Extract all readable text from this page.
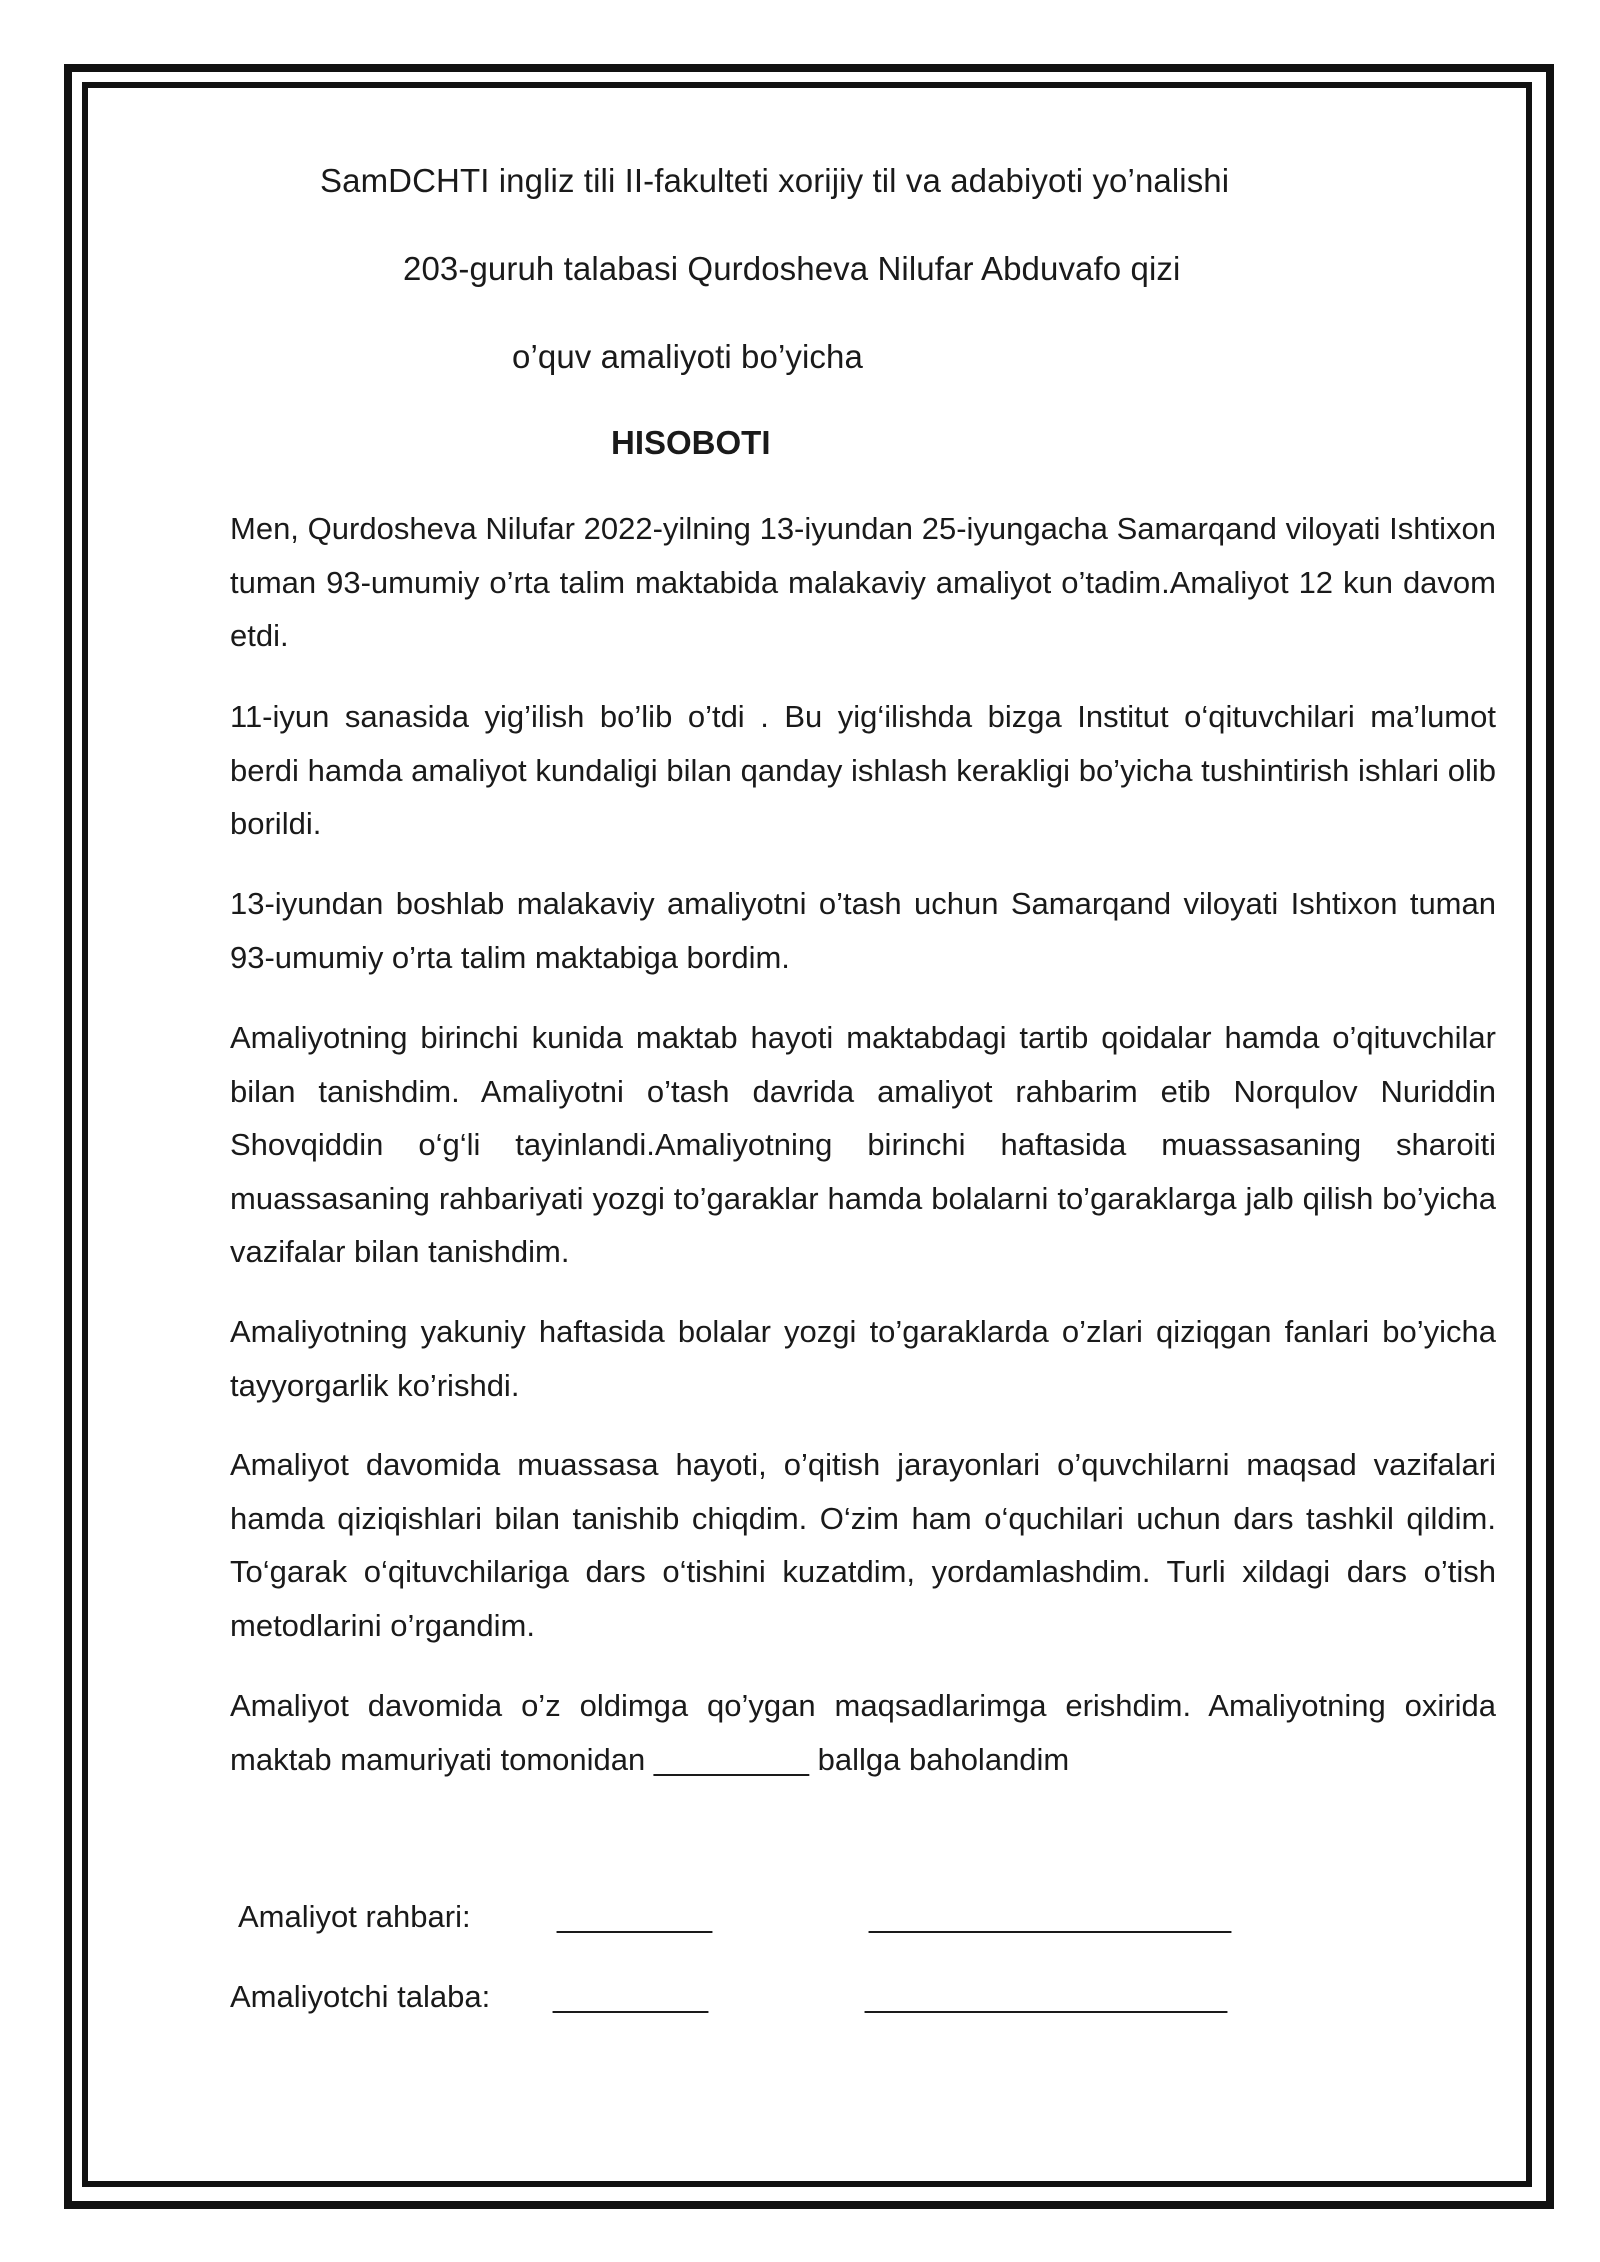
SamDCHTI ingliz tili II-fakulteti xorijiy til va adabiyoti yo’nalishi
203-guruh talabasi Qurdosheva Nilufar Abduvafo qizi
o’quv amaliyoti bo’yicha
HISOBOTI

Men, Qurdosheva Nilufar 2022-yilning 13-iyundan 25-iyungacha Samarqand viloyati Ishtixon tuman 93-umumiy o’rta talim maktabida malakaviy amaliyot o’tadim.Amaliyot 12 kun davom etdi.

11-iyun sanasida yig’ilish bo’lib o’tdi . Bu yig‘ilishda bizga Institut o‘qituvchilari ma’lumot berdi hamda amaliyot kundaligi bilan qanday ishlash kerakligi bo’yicha tushintirish ishlari olib borildi.

13-iyundan boshlab malakaviy amaliyotni o’tash uchun Samarqand viloyati Ishtixon tuman 93-umumiy o’rta talim maktabiga bordim.

Amaliyotning birinchi kunida maktab hayoti maktabdagi tartib qoidalar hamda o’qituvchilar bilan tanishdim. Amaliyotni o’tash davrida amaliyot rahbarim etib Norqulov Nuriddin Shovqiddin o‘g‘li tayinlandi.Amaliyotning birinchi haftasida muassasaning sharoiti muassasaning rahbariyati yozgi to’garaklar hamda bolalarni to’garaklarga jalb qilish bo’yicha vazifalar bilan tanishdim.

Amaliyotning yakuniy haftasida bolalar yozgi to’garaklarda o’zlari qiziqgan fanlari bo’yicha tayyorgarlik ko’rishdi.

Amaliyot davomida muassasa hayoti, o’qitish jarayonlari o’quvchilarni maqsad vazifalari hamda qiziqishlari bilan tanishib chiqdim. O‘zim ham o‘quchilari uchun dars tashkil qildim. To‘garak o‘qituvchilariga dars o‘tishini kuzatdim, yordamlashdim. Turli xildagi dars o’tish metodlarini o’rgandim.

Amaliyot davomida o’z oldimga qo’ygan maqsadlarimga erishdim. Amaliyotning oxirida maktab mamuriyati tomonidan _________ ballga baholandim

Amaliyot rahbari:	_________	_____________________
Amaliyotchi talaba: _________	_____________________
